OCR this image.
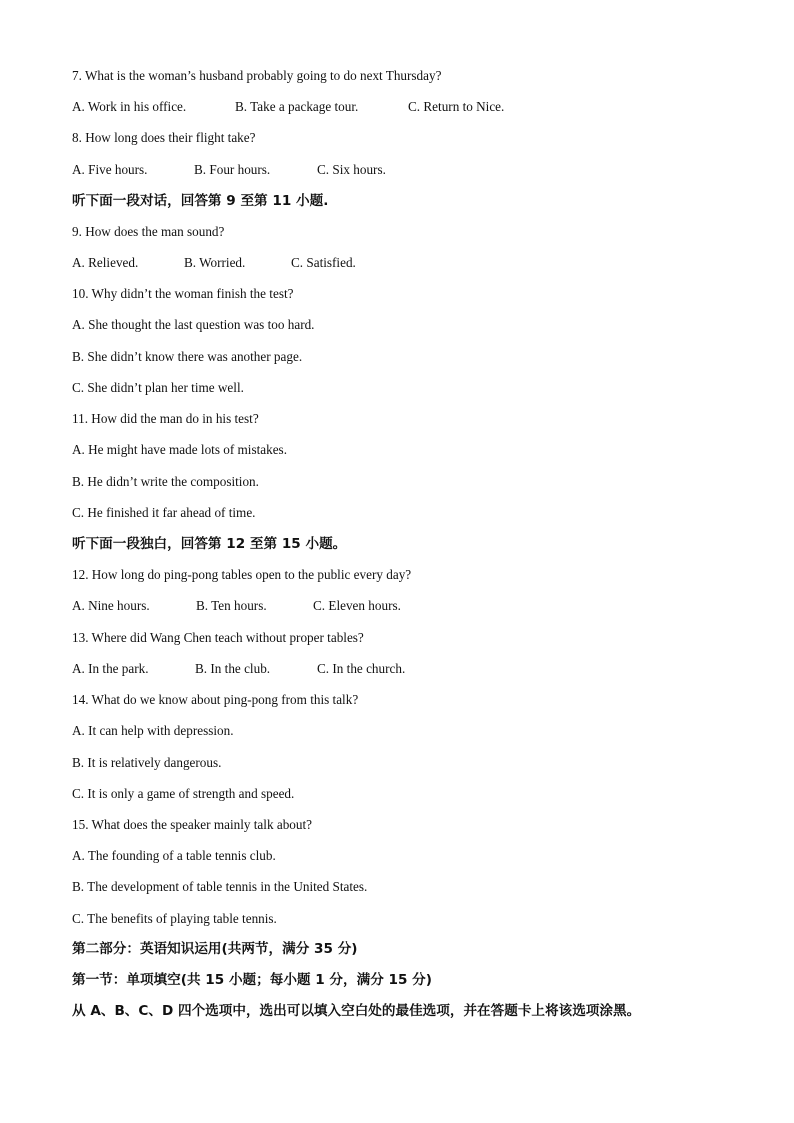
7. What is the woman’s husband probably going to do next Thursday?
A. Work in his office.	B. Take a package tour.	C. Return to Nice.
8. How long does their flight take?
A. Five hours.	B. Four hours.	C. Six hours.
听下面一段对话，回答第 9 至第 11 小题.
9. How does the man sound?
A. Relieved.	B. Worried.	C. Satisfied.
10. Why didn’t the woman finish the test?
A. She thought the last question was too hard.
B. She didn’t know there was another page.
C. She didn’t plan her time well.
11. How did the man do in his test?
A. He might have made lots of mistakes.
B. He didn’t write the composition.
C. He finished it far ahead of time.
听下面一段独白，回答第 12 至第 15 小题。
12. How long do ping-pong tables open to the public every day?
A. Nine hours.	B. Ten hours.	C. Eleven hours.
13. Where did Wang Chen teach without proper tables?
A. In the park.	B. In the club.	C. In the church.
14. What do we know about ping-pong from this talk?
A. It can help with depression.
B. It is relatively dangerous.
C. It is only a game of strength and speed.
15. What does the speaker mainly talk about?
A. The founding of a table tennis club.
B. The development of table tennis in the United States.
C. The benefits of playing table tennis.
第二部分：英语知识运用(共两节，满分 35 分)
第一节：单项填空(共 15 小题；每小题 1 分，满分 15 分)
从 A、B、C、D 四个选项中，选出可以填入空白处的最佳选项，并在答题卡上将该选项涂黑。
